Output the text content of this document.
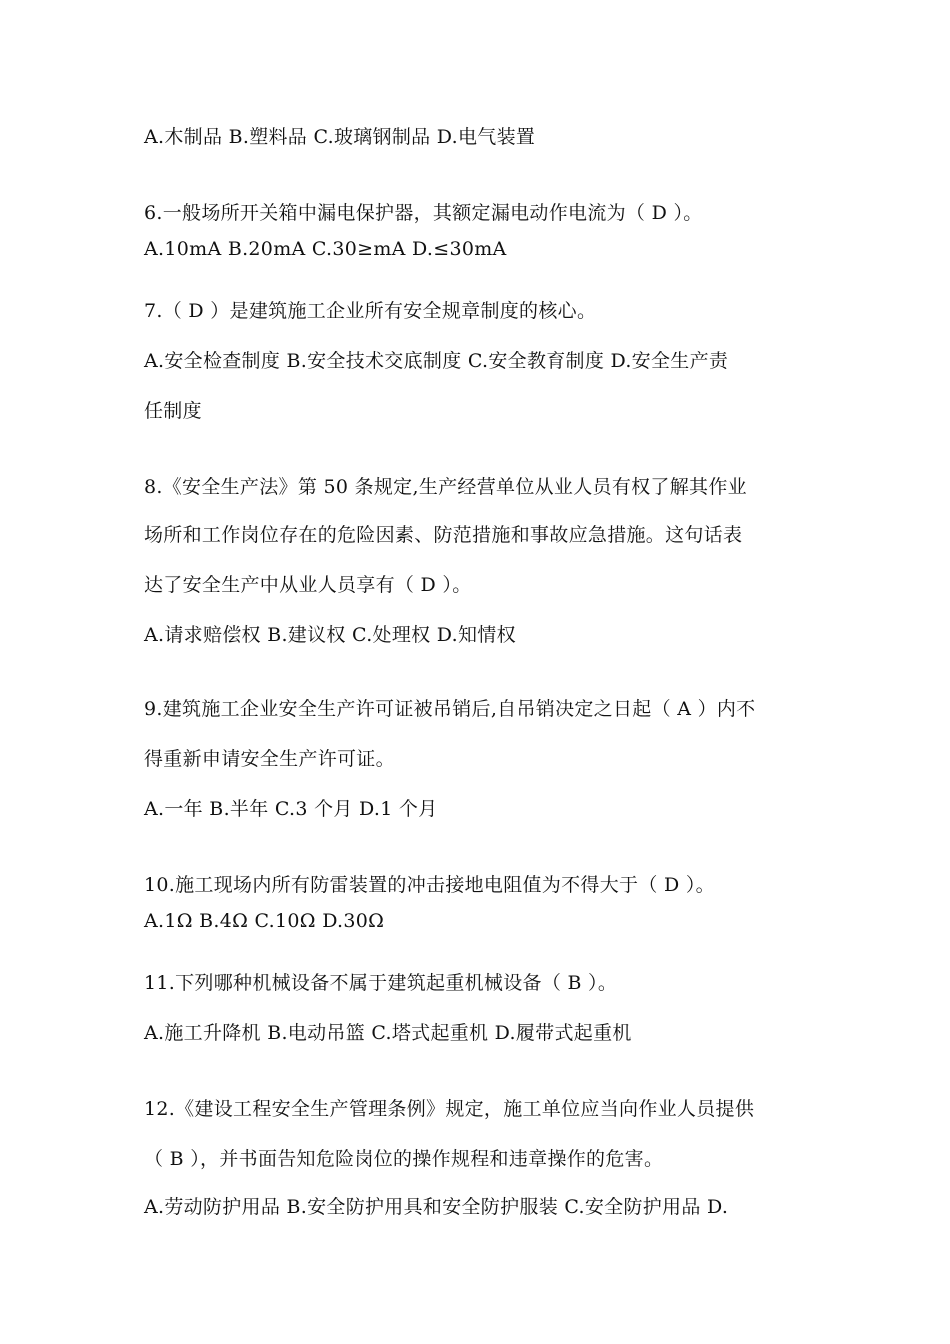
A.木制品 B.塑料品 C.玻璃钢制品 D.电气装置
6.一般场所开关箱中漏电保护器，其额定漏电动作电流为（ D ）。
A.10mA B.20mA C.30≥mA D.≤30mA
7.（ D ）是建筑施工企业所有安全规章制度的核心。
A.安全检查制度 B.安全技术交底制度 C.安全教育制度 D.安全生产责
任制度
8.《安全生产法》第 50 条规定,生产经营单位从业人员有权了解其作业
场所和工作岗位存在的危险因素、防范措施和事故应急措施。这句话表
达了安全生产中从业人员享有（ D ）。
A.请求赔偿权 B.建议权 C.处理权 D.知情权
9.建筑施工企业安全生产许可证被吊销后,自吊销决定之日起（ A ）内不
得重新申请安全生产许可证。
A.一年 B.半年 C.3 个月 D.1 个月
10.施工现场内所有防雷装置的冲击接地电阻值为不得大于（ D ）。
A.1Ω B.4Ω C.10Ω D.30Ω
11.下列哪种机械设备不属于建筑起重机械设备（ B ）。
A.施工升降机 B.电动吊篮 C.塔式起重机 D.履带式起重机
12.《建设工程安全生产管理条例》规定，施工单位应当向作业人员提供
（ B ），并书面告知危险岗位的操作规程和违章操作的危害。
A.劳动防护用品 B.安全防护用具和安全防护服装 C.安全防护用品 D.
